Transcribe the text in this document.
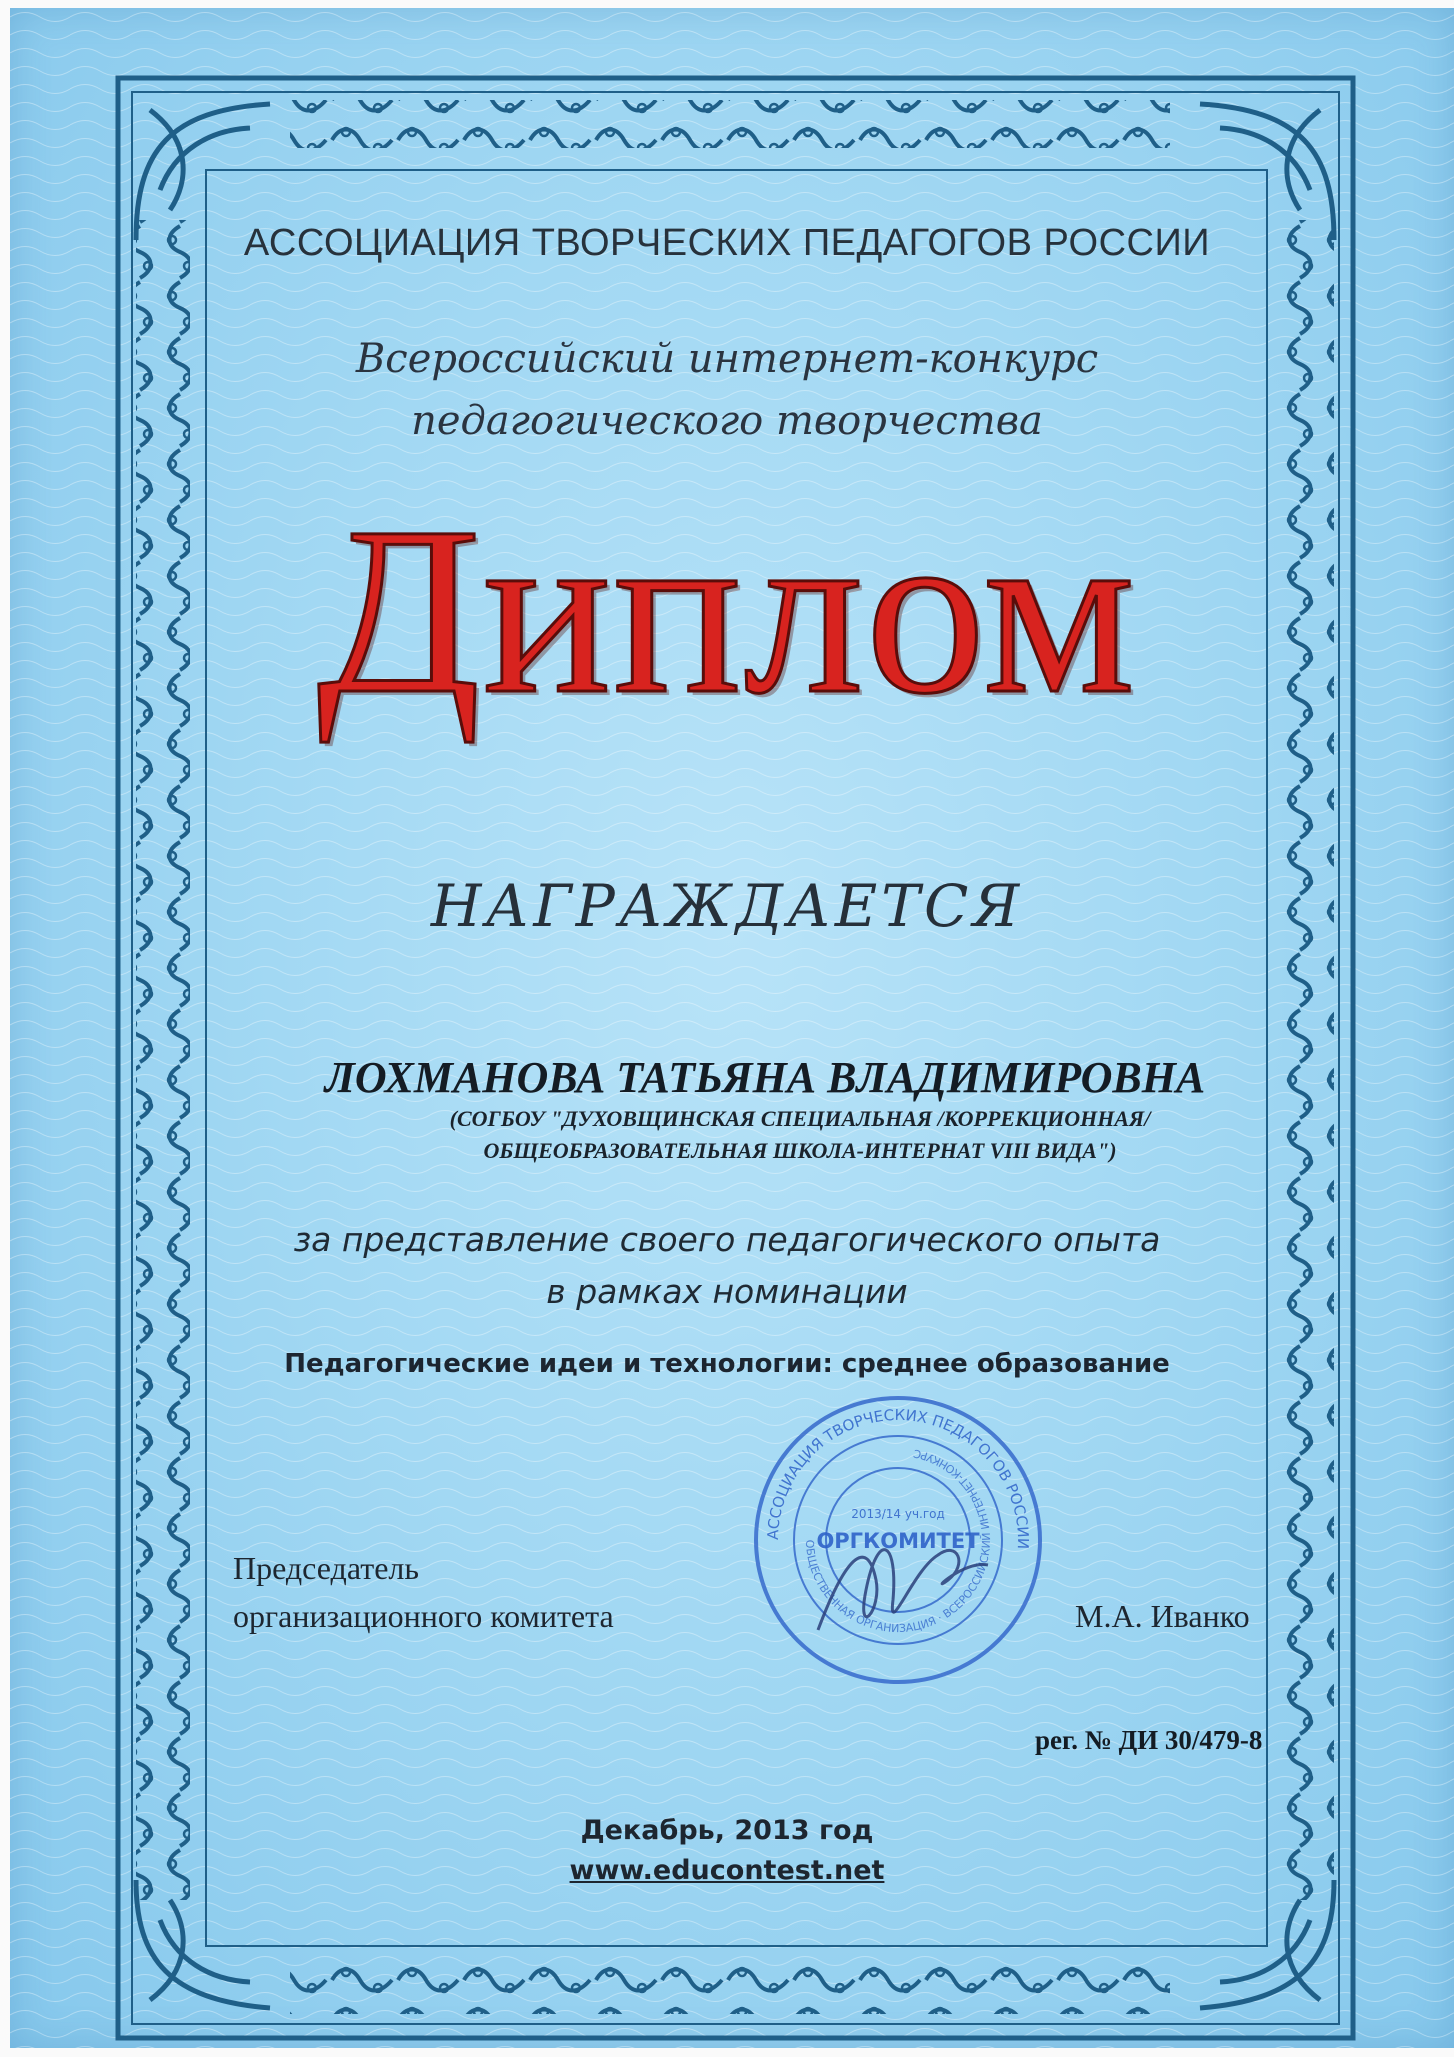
АССОЦИАЦИЯ ТВОРЧЕСКИХ ПЕДАГОГОВ РОССИИ
Всероссийский интернет-конкурс
педагогического творчества
Диплом
НАГРАЖДАЕТСЯ
ЛОХМАНОВА ТАТЬЯНА ВЛАДИМИРОВНА
(СОГБОУ "ДУХОВЩИНСКАЯ СПЕЦИАЛЬНАЯ /КОРРЕКЦИОННАЯ/
ОБЩЕОБРАЗОВАТЕЛЬНАЯ ШКОЛА-ИНТЕРНАТ VIII ВИДА")
за представление своего педагогического опыта
в рамках номинации
Педагогические идеи и технологии: среднее образование
Председатель
организационного комитета	М.А. Иванко
АССОЦИАЦИЯ ТВОРЧЕСКИХ ПЕДАГОГОВ РОССИИ
ОБЩЕСТВЕННАЯ ОРГАНИЗАЦИЯ · ВСЕРОССИЙСКИЙ ИНТЕРНЕТ-КОНКУРС
2013/14 уч.год
ОРГКОМИТЕТ
рег. № ДИ 30/479-8
Декабрь, 2013 год
www.educontest.net
